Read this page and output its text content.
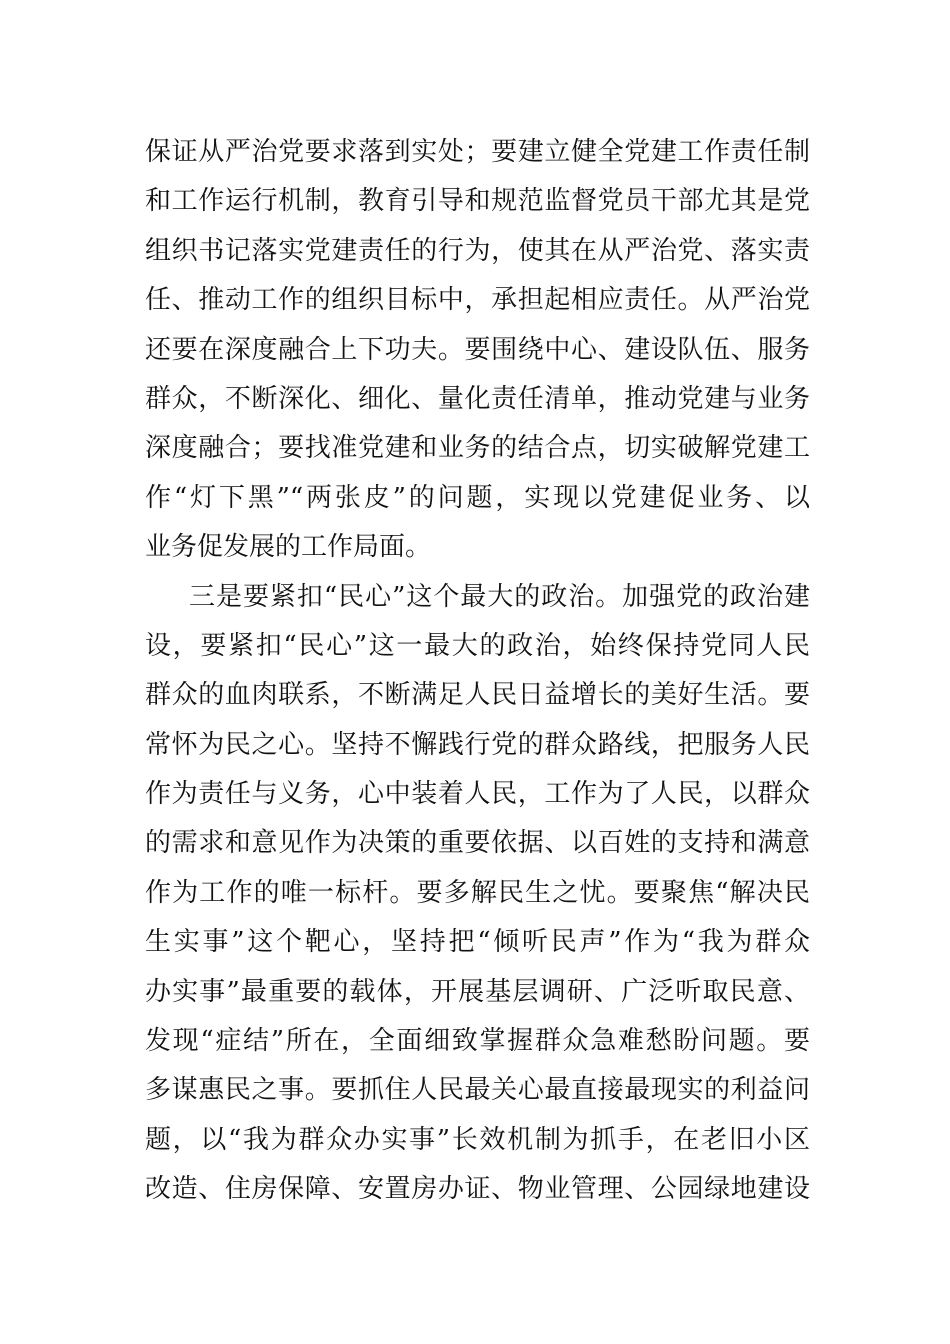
保证从严治党要求落到实处；要建立健全党建工作责任制
和工作运行机制，教育引导和规范监督党员干部尤其是党
组织书记落实党建责任的行为，使其在从严治党、落实责
任、推动工作的组织目标中，承担起相应责任。从严治党
还要在深度融合上下功夫。要围绕中心、建设队伍、服务
群众，不断深化、细化、量化责任清单，推动党建与业务
深度融合；要找准党建和业务的结合点，切实破解党建工
作“灯下黑”“两张皮”的问题，实现以党建促业务、以
业务促发展的工作局面。
三是要紧扣“民心”这个最大的政治。加强党的政治建
设，要紧扣“民心”这一最大的政治，始终保持党同人民
群众的血肉联系，不断满足人民日益增长的美好生活。要
常怀为民之心。坚持不懈践行党的群众路线，把服务人民
作为责任与义务，心中装着人民，工作为了人民，以群众
的需求和意见作为决策的重要依据、以百姓的支持和满意
作为工作的唯一标杆。要多解民生之忧。要聚焦“解决民
生实事”这个靶心，坚持把“倾听民声”作为“我为群众
办实事”最重要的载体，开展基层调研、广泛听取民意、
发现“症结”所在，全面细致掌握群众急难愁盼问题。要
多谋惠民之事。要抓住人民最关心最直接最现实的利益问
题，以“我为群众办实事”长效机制为抓手，在老旧小区
改造、住房保障、安置房办证、物业管理、公园绿地建设
